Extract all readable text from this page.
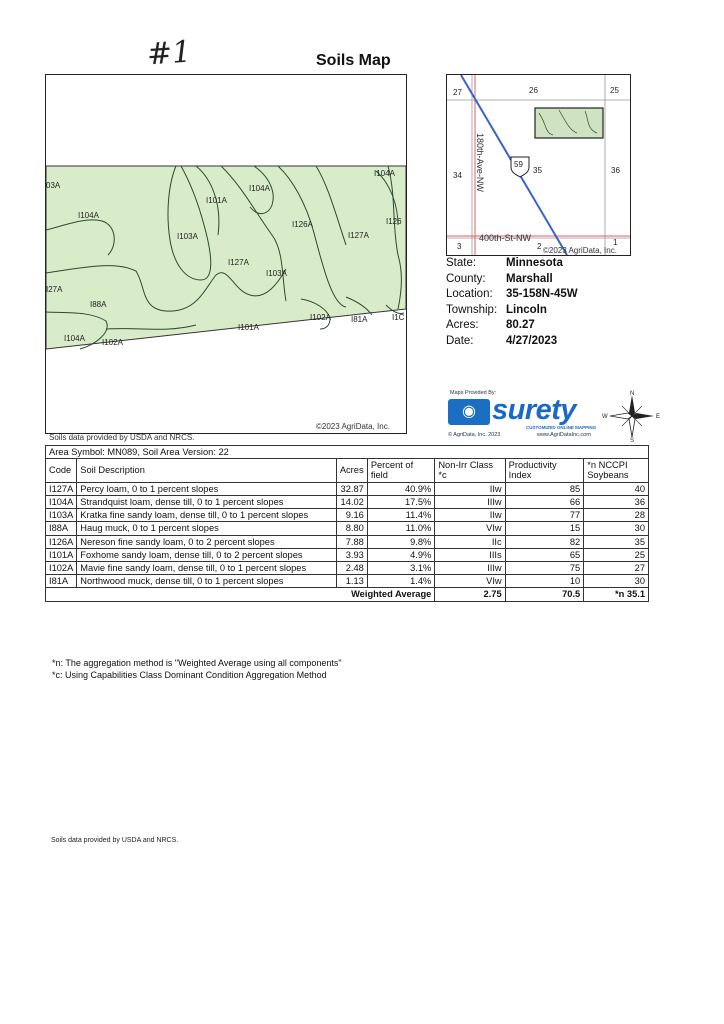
#1	Soils Map
I104A
I101A
I104A
I104A
I103A
I126A	I126
I127A
I127A
I103A
I27A
I88A
I102A	I81A	I1C
I101A
I104A I102A
03A
©2023 AgriData, Inc.
Soils data provided by USDA and NRCS.
27	26	25
34
35	36
3	2	1
59
180th-Ave-NW
400th-St-NW
©2023 AgriData, Inc.
State:	Minnesota
County: Marshall
Location: 35-158N-45W
Township: Lincoln
Acres: 80.27
Date:	4/27/2023
Maps Provided By:
◉ surety
CUSTOMIZED ONLINE MAPPING
© AgriData, Inc. 2023	www.AgriDataInc.com
N
S
E
W
Area Symbol: MN089, Soil Area Version: 22						
Code	Soil Description	Acres	Percent of field	Non-Irr Class *c	Productivity Index	*n NCCPI Soybeans
I127A	Percy loam, 0 to 1 percent slopes	32.87	40.9%	IIw	85	40
I104A	Strandquist loam, dense till, 0 to 1 percent slopes	14.02	17.5%	IIIw	66	36
I103A	Kratka fine sandy loam, dense till, 0 to 1 percent slopes	9.16	11.4%	IIw	77	28
I88A	Haug muck, 0 to 1 percent slopes	8.80	11.0%	VIw	15	30
I126A	Nereson fine sandy loam, 0 to 2 percent slopes	7.88	9.8%	IIc	82	35
I101A	Foxhome sandy loam, dense till, 0 to 2 percent slopes	3.93	4.9%	IIIs	65	25
I102A	Mavie fine sandy loam, dense till, 0 to 1 percent slopes	2.48	3.1%	IIIw	75	27
I81A	Northwood muck, dense till, 0 to 1 percent slopes	1.13	1.4%	VIw	10	30
Weighted Average				2.75	70.5	*n 35.1
*n: The aggregation method is "Weighted Average using all components"
*c: Using Capabilities Class Dominant Condition Aggregation Method
Soils data provided by USDA and NRCS.
